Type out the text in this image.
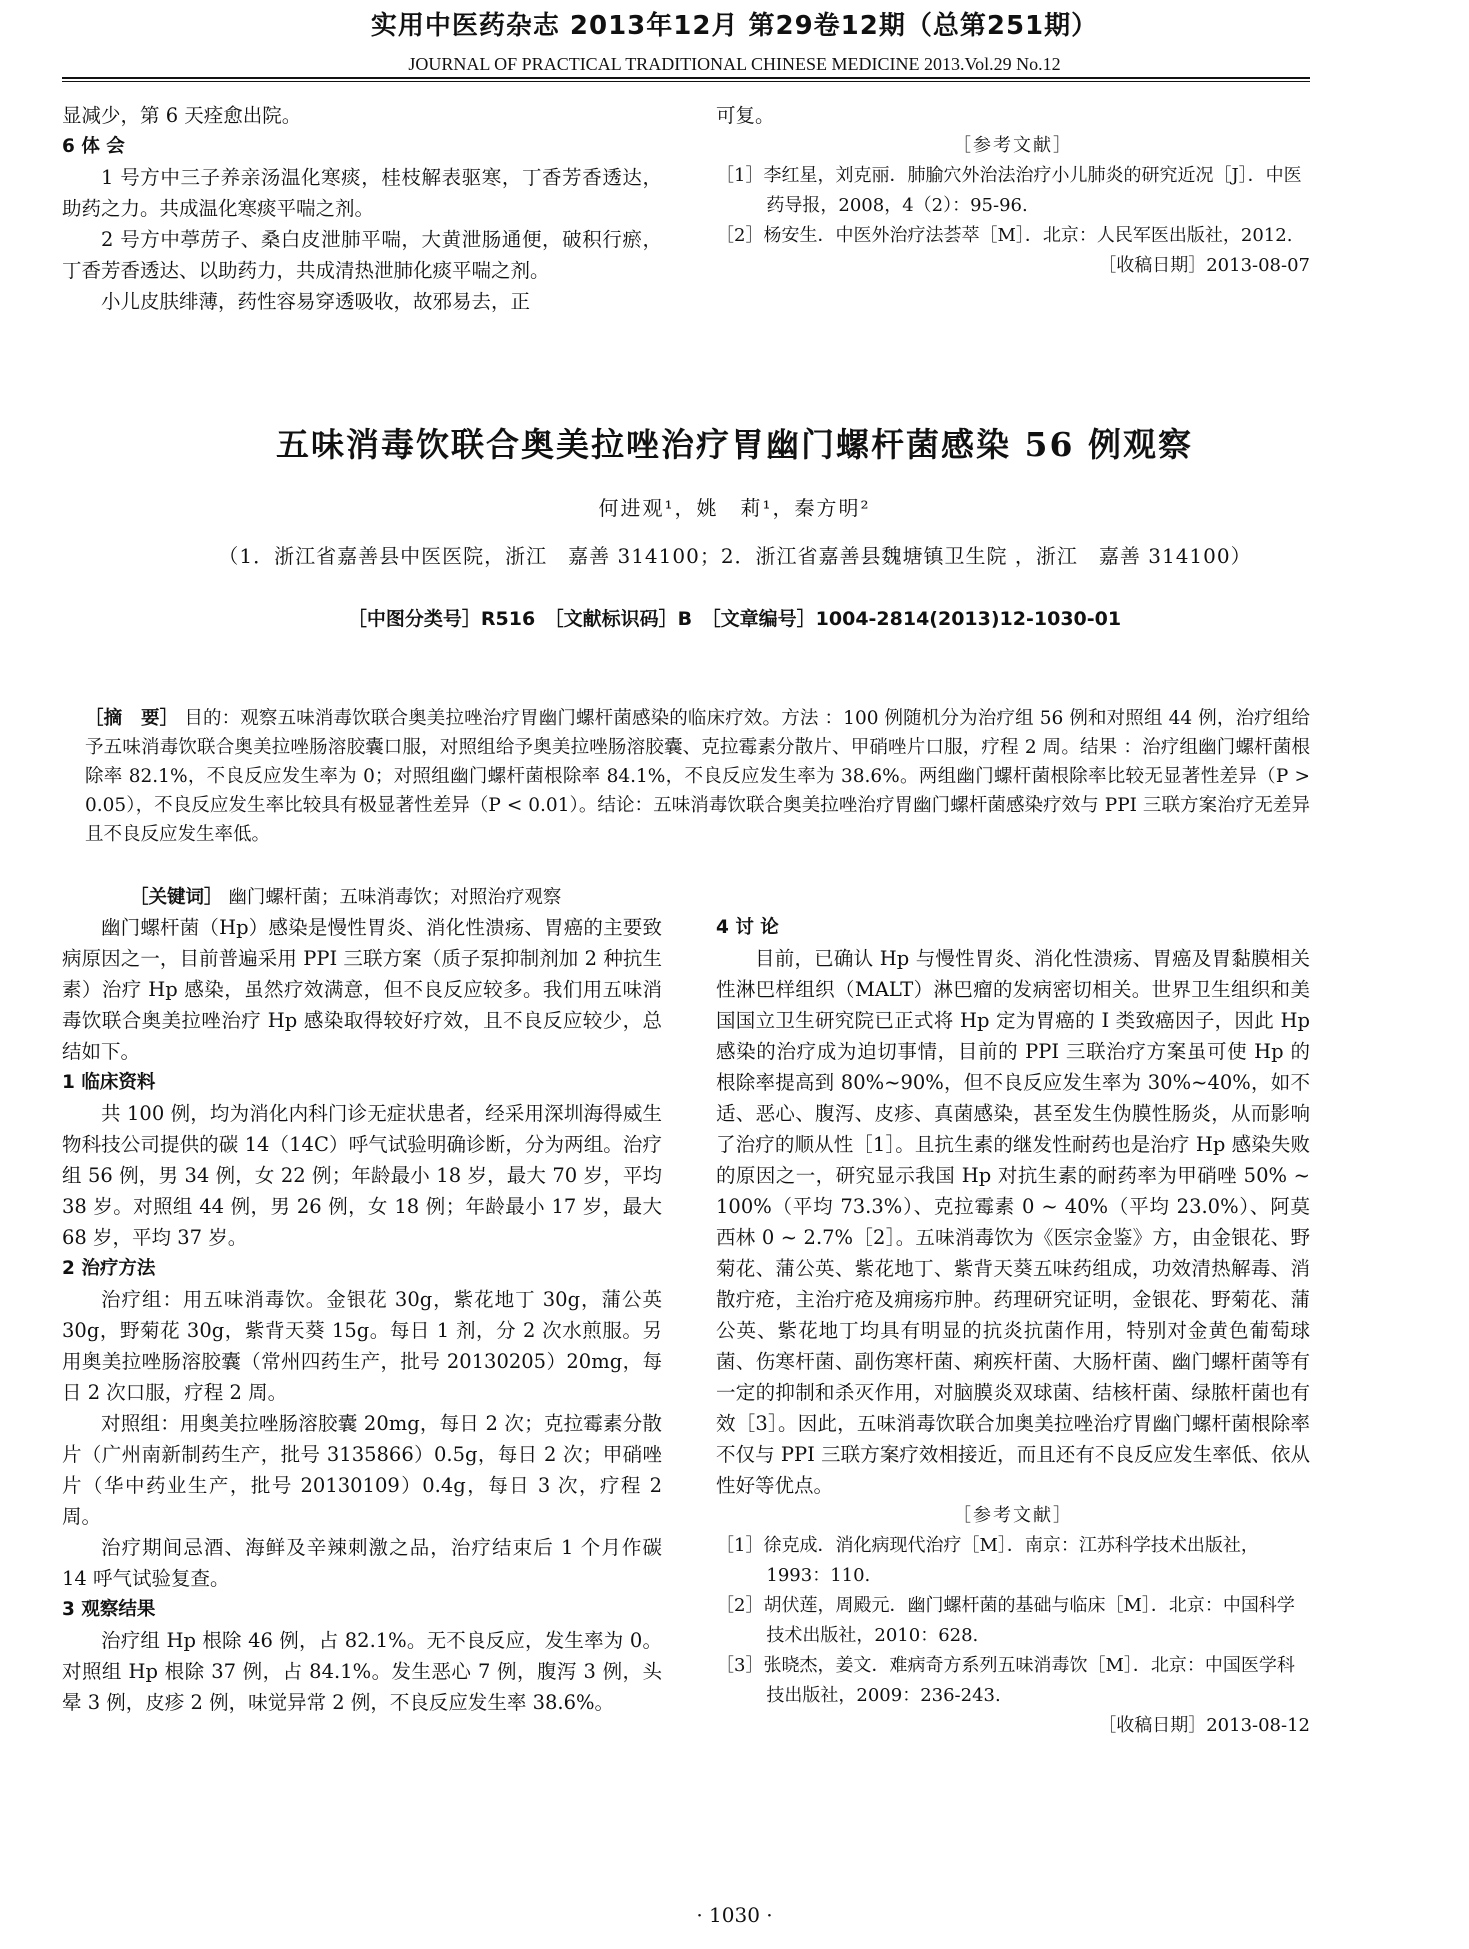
实用中医药杂志 2013年12月 第29卷12期（总第251期）
JOURNAL OF PRACTICAL TRADITIONAL CHINESE MEDICINE 2013.Vol.29 No.12

显减少，第 6 天痊愈出院。

6 体 会

1 号方中三子养亲汤温化寒痰，桂枝解表驱寒，丁香芳香透达，助药之力。共成温化寒痰平喘之剂。

2 号方中葶苈子、桑白皮泄肺平喘，大黄泄肠通便，破积行瘀，丁香芳香透达、以助药力，共成清热泄肺化痰平喘之剂。

小儿皮肤绯薄，药性容易穿透吸收，故邪易去，正

可复。

［参考文献］

［1］李红星，刘克丽．肺腧穴外治法治疗小儿肺炎的研究近况［J］．中医药导报，2008，4（2）：95-96.

［2］杨安生．中医外治疗法荟萃［M］．北京：人民军医出版社，2012.

［收稿日期］2013-08-07

五味消毒饮联合奥美拉唑治疗胃幽门螺杆菌感染 56 例观察
何进观¹，姚　莉¹，秦方明²
（1．浙江省嘉善县中医医院，浙江　嘉善 314100；2．浙江省嘉善县魏塘镇卫生院 ，浙江　嘉善 314100）
［中图分类号］R516　［文献标识码］B　［文章编号］1004-2814(2013)12-1030-01

［摘　要］ 目的：观察五味消毒饮联合奥美拉唑治疗胃幽门螺杆菌感染的临床疗效。方法 ：100 例随机分为治疗组 56 例和对照组 44 例，治疗组给予五味消毒饮联合奥美拉唑肠溶胶囊口服，对照组给予奥美拉唑肠溶胶囊、克拉霉素分散片、甲硝唑片口服，疗程 2 周。结果 ：治疗组幽门螺杆菌根除率 82.1%，不良反应发生率为 0；对照组幽门螺杆菌根除率 84.1%，不良反应发生率为 38.6%。两组幽门螺杆菌根除率比较无显著性差异（P > 0.05），不良反应发生率比较具有极显著性差异（P < 0.01）。结论：五味消毒饮联合奥美拉唑治疗胃幽门螺杆菌感染疗效与 PPI 三联方案治疗无差异且不良反应发生率低。

［关键词］ 幽门螺杆菌；五味消毒饮；对照治疗观察

幽门螺杆菌（Hp）感染是慢性胃炎、消化性溃疡、胃癌的主要致病原因之一，目前普遍采用 PPI 三联方案（质子泵抑制剂加 2 种抗生素）治疗 Hp 感染，虽然疗效满意，但不良反应较多。我们用五味消毒饮联合奥美拉唑治疗 Hp 感染取得较好疗效，且不良反应较少，总结如下。

1 临床资料

共 100 例，均为消化内科门诊无症状患者，经采用深圳海得威生物科技公司提供的碳 14（14C）呼气试验明确诊断，分为两组。治疗组 56 例，男 34 例，女 22 例；年龄最小 18 岁，最大 70 岁，平均 38 岁。对照组 44 例，男 26 例，女 18 例；年龄最小 17 岁，最大 68 岁，平均 37 岁。

2 治疗方法

治疗组：用五味消毒饮。金银花 30g，紫花地丁 30g，蒲公英 30g，野菊花 30g，紫背天葵 15g。每日 1 剂，分 2 次水煎服。另用奥美拉唑肠溶胶囊（常州四药生产，批号 20130205）20mg，每日 2 次口服，疗程 2 周。

对照组：用奥美拉唑肠溶胶囊 20mg，每日 2 次；克拉霉素分散片（广州南新制药生产，批号 3135866）0.5g，每日 2 次；甲硝唑片（华中药业生产，批号 20130109）0.4g，每日 3 次，疗程 2 周。

治疗期间忌酒、海鲜及辛辣刺激之品，治疗结束后 1 个月作碳 14 呼气试验复查。

3 观察结果

治疗组 Hp 根除 46 例，占 82.1%。无不良反应，发生率为 0。对照组 Hp 根除 37 例，占 84.1%。发生恶心 7 例，腹泻 3 例，头晕 3 例，皮疹 2 例，味觉异常 2 例，不良反应发生率 38.6%。

4 讨 论

目前，已确认 Hp 与慢性胃炎、消化性溃疡、胃癌及胃黏膜相关性淋巴样组织（MALT）淋巴瘤的发病密切相关。世界卫生组织和美国国立卫生研究院已正式将 Hp 定为胃癌的 I 类致癌因子，因此 Hp 感染的治疗成为迫切事情，目前的 PPI 三联治疗方案虽可使 Hp 的根除率提高到 80%~90%，但不良反应发生率为 30%~40%，如不适、恶心、腹泻、皮疹、真菌感染，甚至发生伪膜性肠炎，从而影响了治疗的顺从性［1］。且抗生素的继发性耐药也是治疗 Hp 感染失败的原因之一，研究显示我国 Hp 对抗生素的耐药率为甲硝唑 50% ~ 100%（平均 73.3%）、克拉霉素 0 ~ 40%（平均 23.0%）、阿莫西林 0 ~ 2.7%［2］。五味消毒饮为《医宗金鉴》方，由金银花、野菊花、蒲公英、紫花地丁、紫背天葵五味药组成，功效清热解毒、消散疔疮，主治疔疮及痈疡疖肿。药理研究证明，金银花、野菊花、蒲公英、紫花地丁均具有明显的抗炎抗菌作用，特别对金黄色葡萄球菌、伤寒杆菌、副伤寒杆菌、痢疾杆菌、大肠杆菌、幽门螺杆菌等有一定的抑制和杀灭作用，对脑膜炎双球菌、结核杆菌、绿脓杆菌也有效［3］。因此，五味消毒饮联合加奥美拉唑治疗胃幽门螺杆菌根除率不仅与 PPI 三联方案疗效相接近，而且还有不良反应发生率低、依从性好等优点。

［参考文献］

［1］徐克成．消化病现代治疗［M］．南京：江苏科学技术出版社，1993：110.

［2］胡伏莲，周殿元．幽门螺杆菌的基础与临床［M］．北京：中国科学技术出版社，2010：628.

［3］张晓杰，姜文．难病奇方系列五味消毒饮［M］．北京：中国医学科技出版社，2009：236-243.

［收稿日期］2013-08-12

· 1030 ·
